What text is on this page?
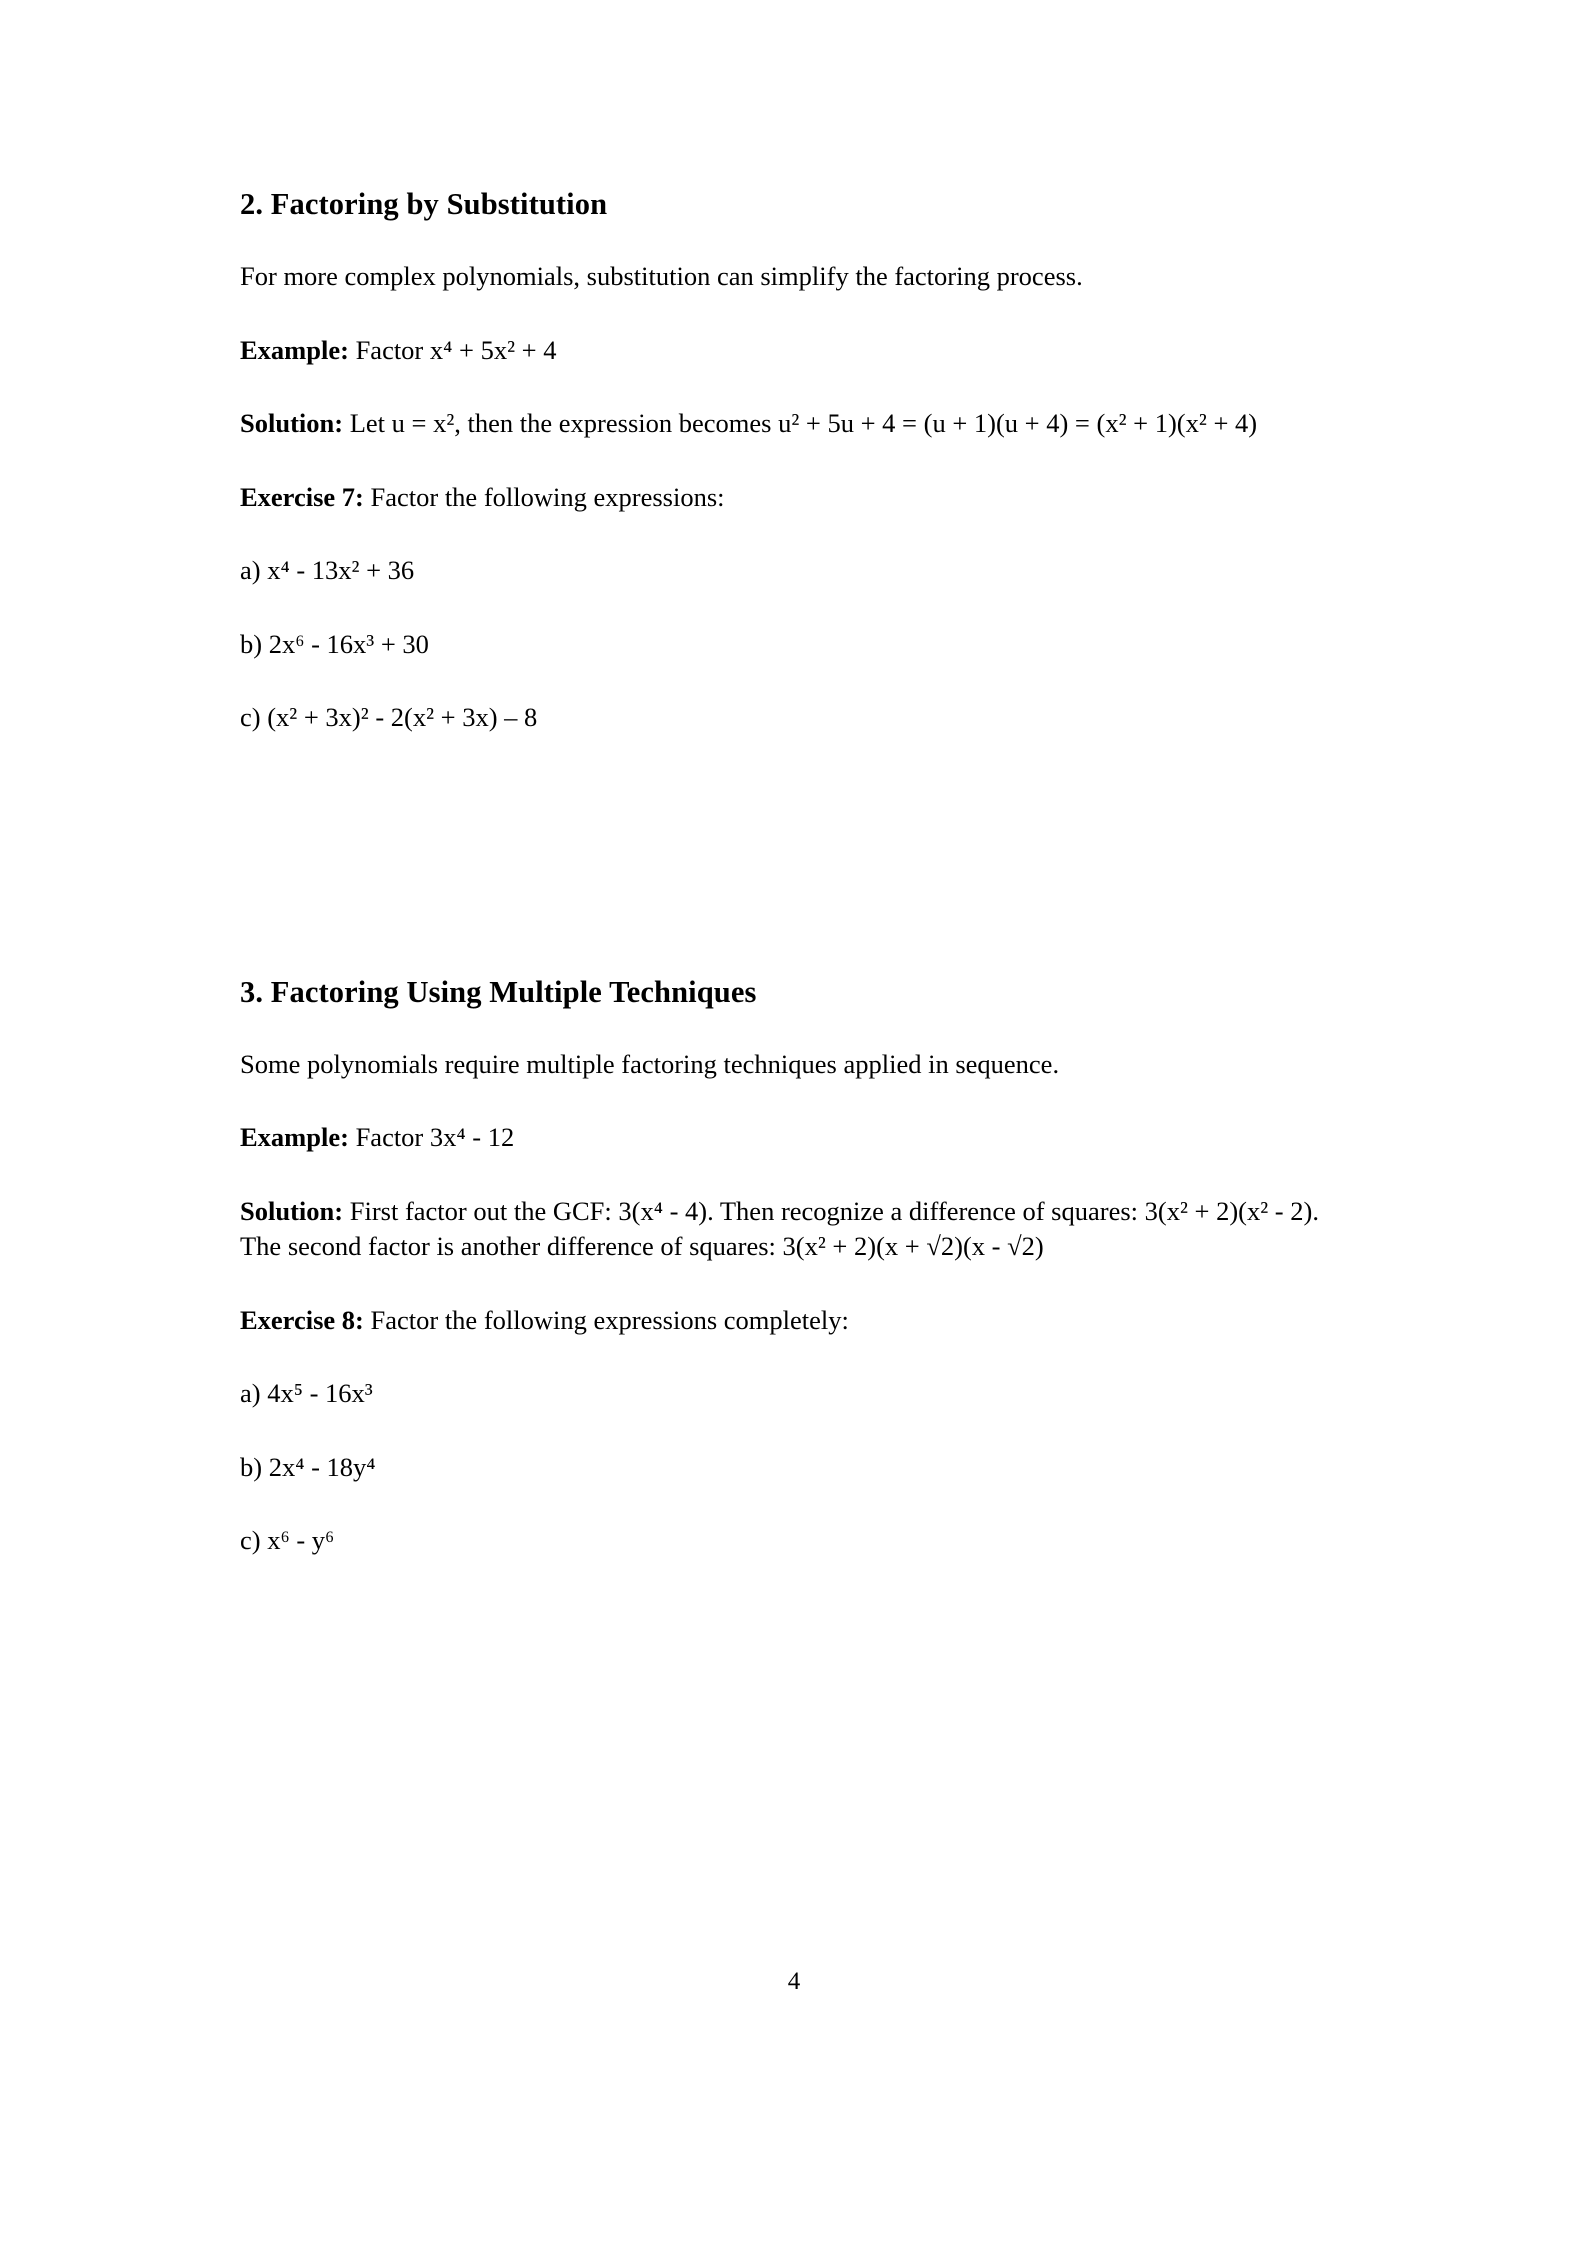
2. Factoring by Substitution

For more complex polynomials, substitution can simplify the factoring process.

Example: Factor x⁴ + 5x² + 4

Solution: Let u = x², then the expression becomes u² + 5u + 4 = (u + 1)(u + 4) = (x² + 1)(x² + 4)

Exercise 7: Factor the following expressions:

a) x⁴ - 13x² + 36

b) 2x⁶ - 16x³ + 30

c) (x² + 3x)² - 2(x² + 3x) – 8

3. Factoring Using Multiple Techniques

Some polynomials require multiple factoring techniques applied in sequence.

Example: Factor 3x⁴ - 12

Solution: First factor out the GCF: 3(x⁴ - 4). Then recognize a difference of squares: 3(x² + 2)(x² - 2). The second factor is another difference of squares: 3(x² + 2)(x + √2)(x - √2)

Exercise 8: Factor the following expressions completely:

a) 4x⁵ - 16x³

b) 2x⁴ - 18y⁴

c) x⁶ - y⁶

4
